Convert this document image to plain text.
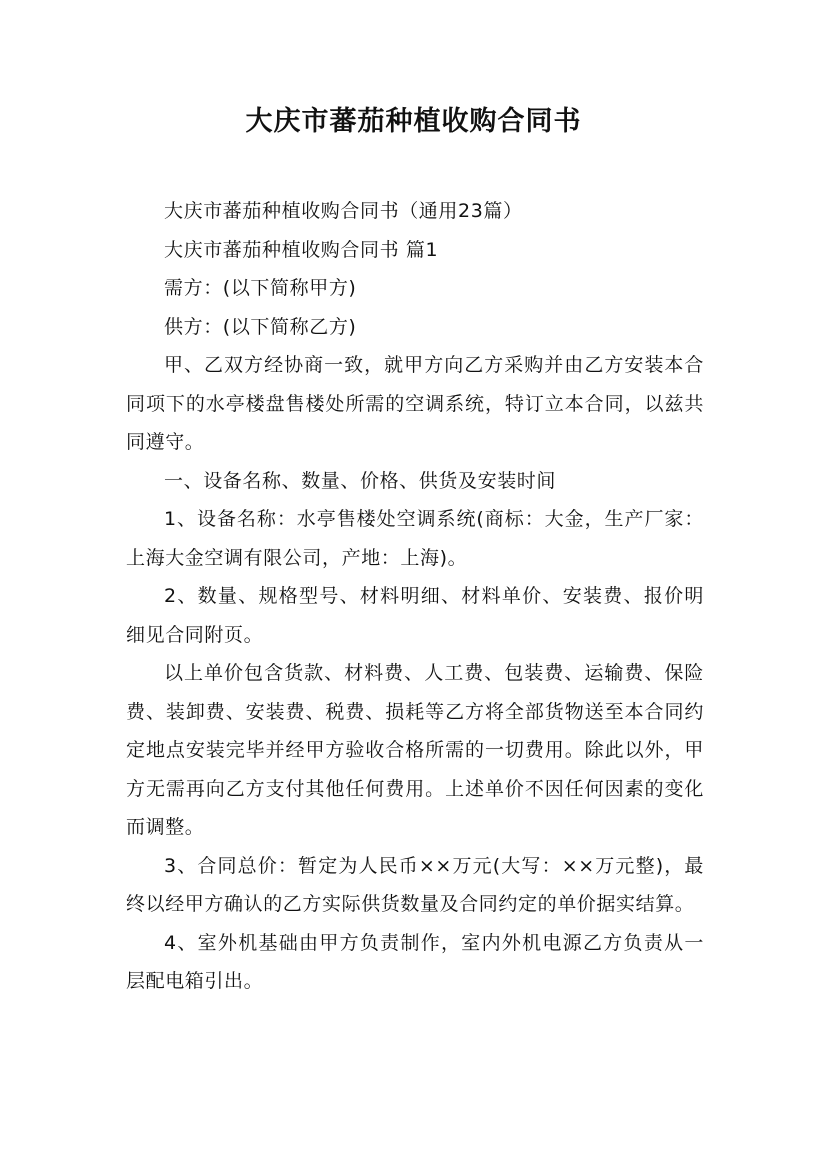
大庆市蕃茄种植收购合同书

大庆市蕃茄种植收购合同书（通用23篇）

大庆市蕃茄种植收购合同书 篇1

需方：(以下简称甲方)

供方：(以下简称乙方)

甲、乙双方经协商一致，就甲方向乙方采购并由乙方安装本合同项下的水亭楼盘售楼处所需的空调系统，特订立本合同，以兹共同遵守。

一、设备名称、数量、价格、供货及安装时间

1、设备名称：水亭售楼处空调系统(商标：大金，生产厂家：上海大金空调有限公司，产地：上海)。

2、数量、规格型号、材料明细、材料单价、安装费、报价明细见合同附页。

以上单价包含货款、材料费、人工费、包装费、运输费、保险费、装卸费、安装费、税费、损耗等乙方将全部货物送至本合同约定地点安装完毕并经甲方验收合格所需的一切费用。除此以外，甲方无需再向乙方支付其他任何费用。上述单价不因任何因素的变化而调整。

3、合同总价：暂定为人民币××万元(大写：××万元整)，最终以经甲方确认的乙方实际供货数量及合同约定的单价据实结算。

4、室外机基础由甲方负责制作，室内外机电源乙方负责从一层配电箱引出。
